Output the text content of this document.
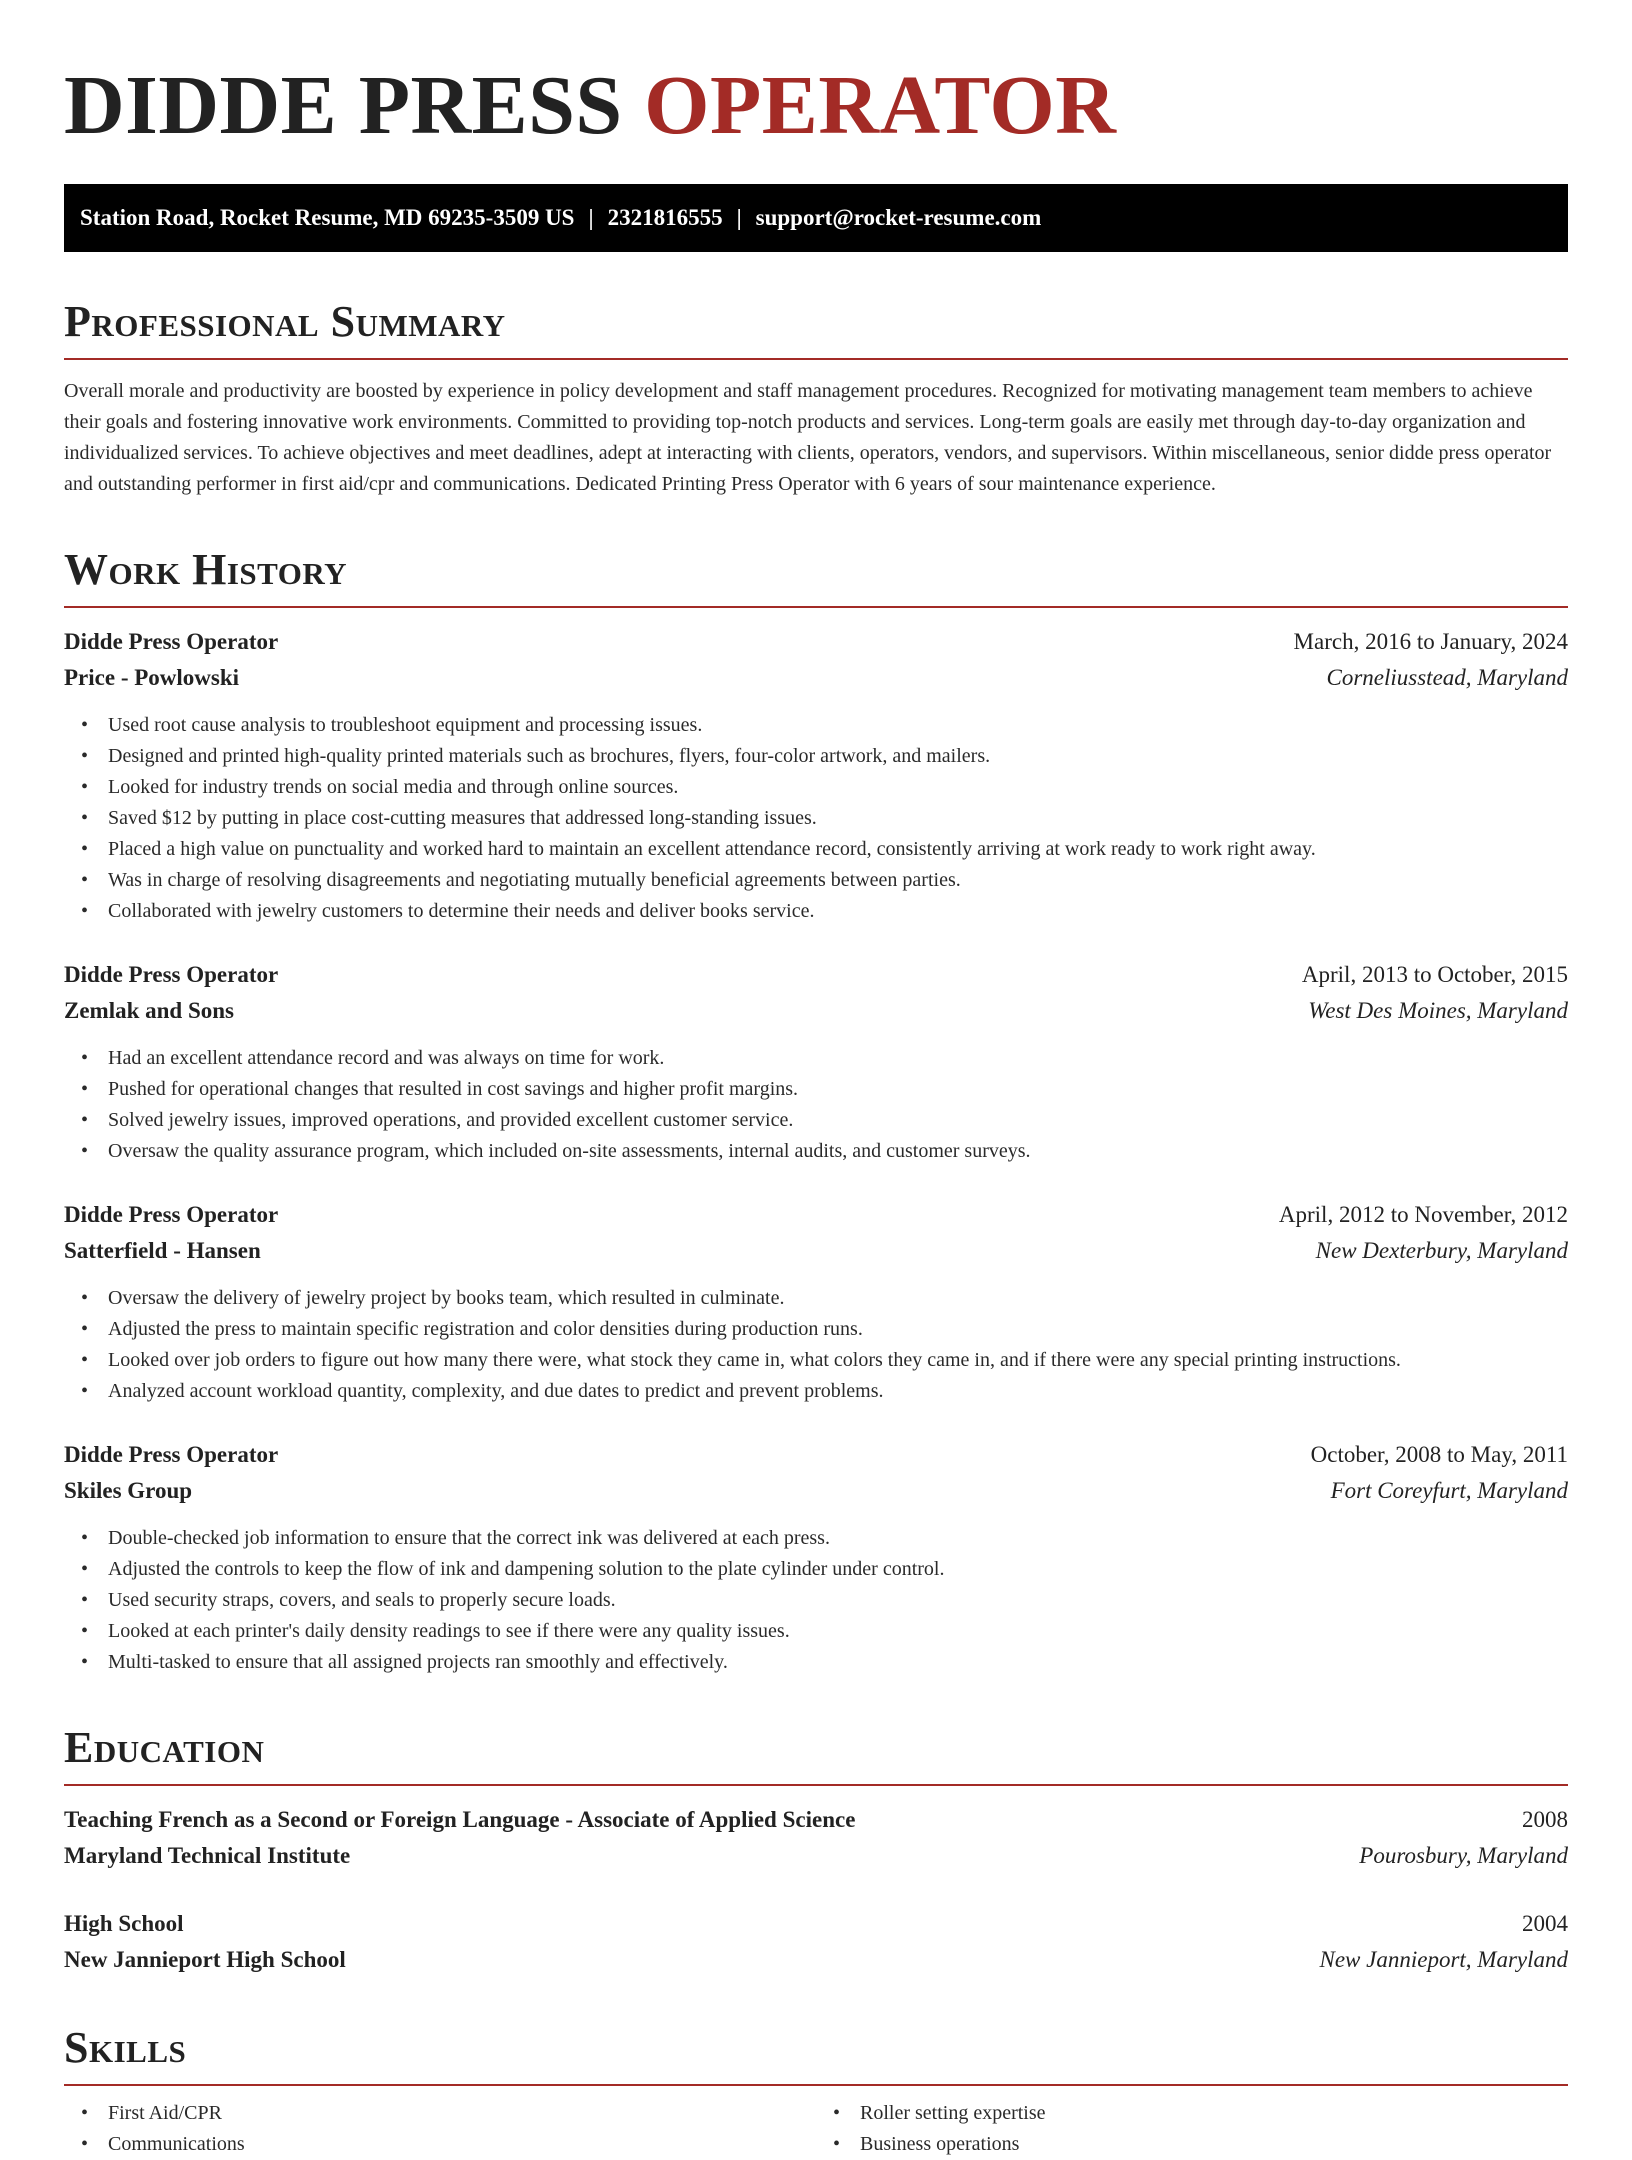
DIDDE PRESS OPERATOR
Station Road, Rocket Resume, MD 69235-3509 US | 2321816555 | support@rocket-resume.com
Professional Summary

Overall morale and productivity are boosted by experience in policy development and staff management procedures. Recognized for motivating management team members to achieve their goals and fostering innovative work environments. Committed to providing top-notch products and services. Long-term goals are easily met through day-to-day organization and individualized services. To achieve objectives and meet deadlines, adept at interacting with clients, operators, vendors, and supervisors. Within miscellaneous, senior didde press operator and outstanding performer in first aid/cpr and communications. Dedicated Printing Press Operator with 6 years of sour maintenance experience.

Work History
Didde Press Operator	March, 2016 to January, 2024
Price - Powlowski	Corneliusstead, Maryland
• Used root cause analysis to troubleshoot equipment and processing issues.
• Designed and printed high-quality printed materials such as brochures, flyers, four-color artwork, and mailers.
• Looked for industry trends on social media and through online sources.
• Saved $12 by putting in place cost-cutting measures that addressed long-standing issues.
• Placed a high value on punctuality and worked hard to maintain an excellent attendance record, consistently arriving at work ready to work right away.
• Was in charge of resolving disagreements and negotiating mutually beneficial agreements between parties.
• Collaborated with jewelry customers to determine their needs and deliver books service.
Didde Press Operator	April, 2013 to October, 2015
Zemlak and Sons	West Des Moines, Maryland
• Had an excellent attendance record and was always on time for work.
• Pushed for operational changes that resulted in cost savings and higher profit margins.
• Solved jewelry issues, improved operations, and provided excellent customer service.
• Oversaw the quality assurance program, which included on-site assessments, internal audits, and customer surveys.
Didde Press Operator	April, 2012 to November, 2012
Satterfield - Hansen	New Dexterbury, Maryland
• Oversaw the delivery of jewelry project by books team, which resulted in culminate.
• Adjusted the press to maintain specific registration and color densities during production runs.
• Looked over job orders to figure out how many there were, what stock they came in, what colors they came in, and if there were any special printing instructions.
• Analyzed account workload quantity, complexity, and due dates to predict and prevent problems.
Didde Press Operator	October, 2008 to May, 2011
Skiles Group	Fort Coreyfurt, Maryland
• Double-checked job information to ensure that the correct ink was delivered at each press.
• Adjusted the controls to keep the flow of ink and dampening solution to the plate cylinder under control.
• Used security straps, covers, and seals to properly secure loads.
• Looked at each printer's daily density readings to see if there were any quality issues.
• Multi-tasked to ensure that all assigned projects ran smoothly and effectively.
Education
Teaching French as a Second or Foreign Language - Associate of Applied Science	2008
Maryland Technical Institute	Pourosbury, Maryland
High School	2004
New Jannieport High School	New Jannieport, Maryland
Skills
• First Aid/CPR
• Communications
• Roller setting expertise
• Business operations
